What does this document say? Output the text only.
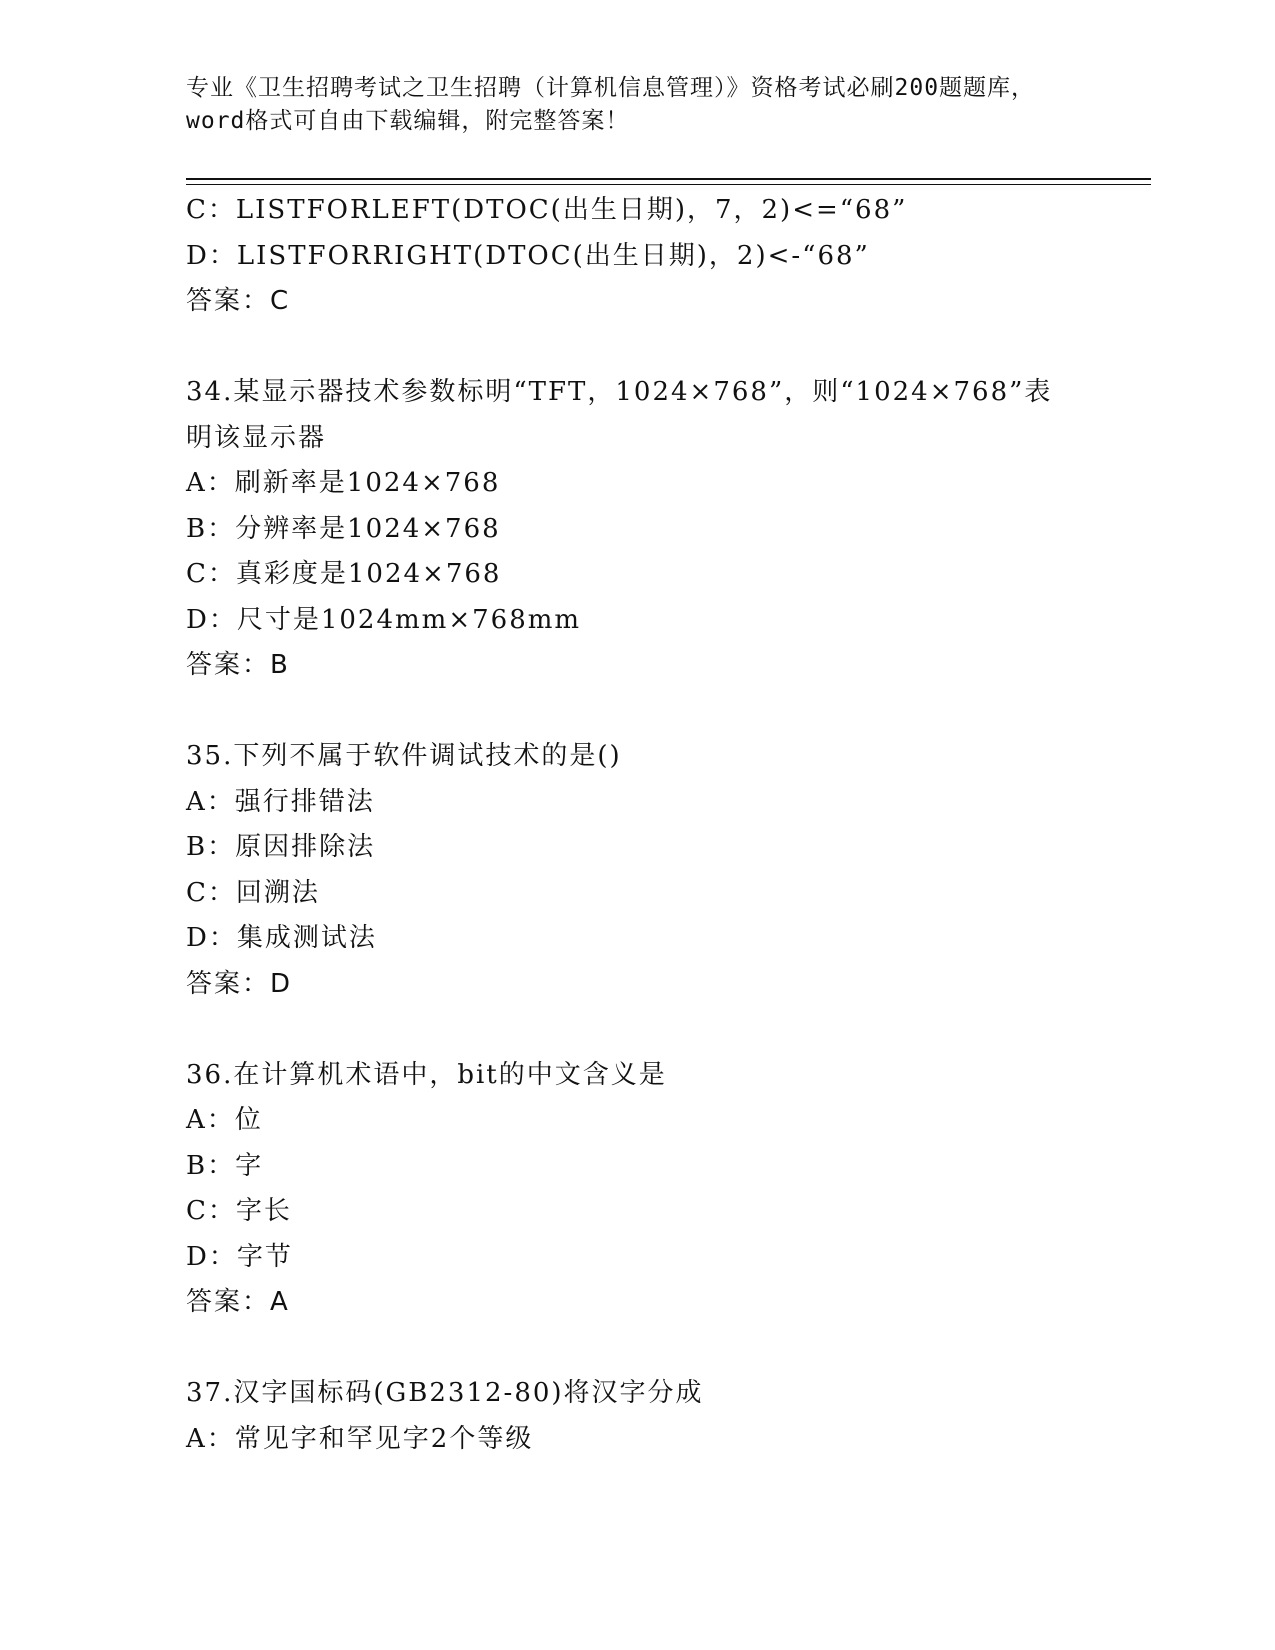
专业《卫生招聘考试之卫生招聘（计算机信息管理）》资格考试必刷200题题库，
word格式可自由下载编辑，附完整答案！
C：LISTFORLEFT(DTOC(出生日期)，7，2)<=“68”
D：LISTFORRIGHT(DTOC(出生日期)，2)<-“68”
答案：C
34.某显示器技术参数标明“TFT，1024×768”，则“1024×768”表
明该显示器
A：刷新率是1024×768
B：分辨率是1024×768
C：真彩度是1024×768
D：尺寸是1024mm×768mm
答案：B
35.下列不属于软件调试技术的是()
A：强行排错法
B：原因排除法
C：回溯法
D：集成测试法
答案：D
36.在计算机术语中，bit的中文含义是
A：位
B：字
C：字长
D：字节
答案：A
37.汉字国标码(GB2312-80)将汉字分成
A：常见字和罕见字2个等级
